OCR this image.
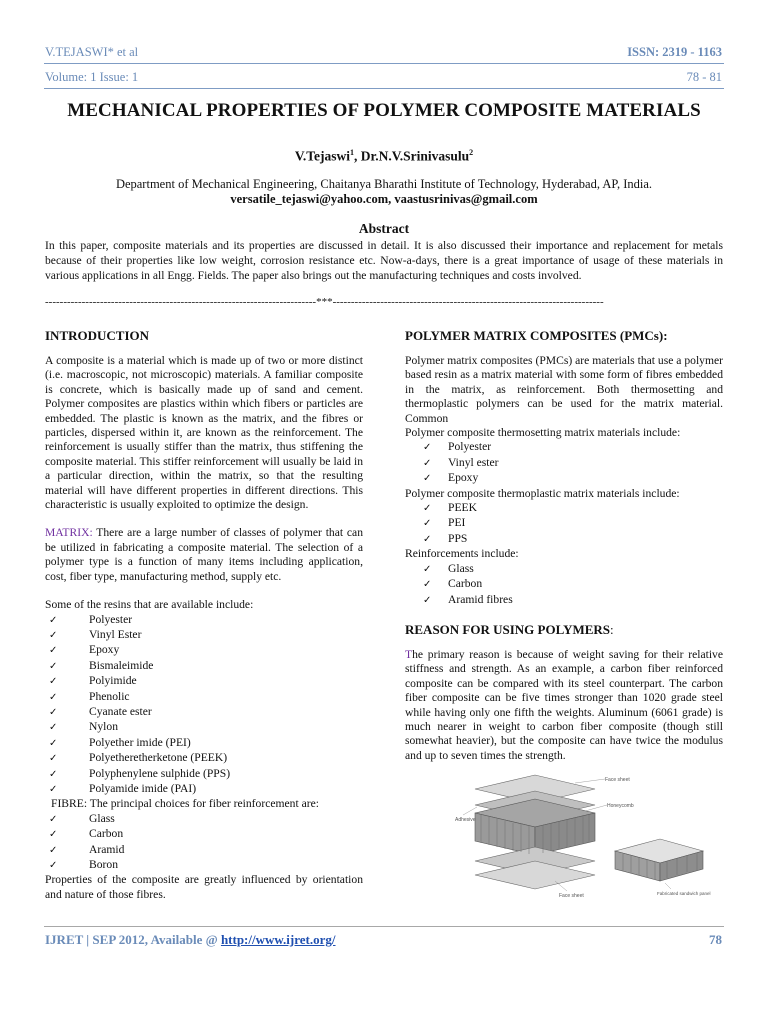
V.TEJASWI* et al	ISSN: 2319 - 1163
Volume: 1 Issue: 1	78 - 81
MECHANICAL PROPERTIES OF POLYMER COMPOSITE MATERIALS
V.Tejaswi$^1$, Dr.N.V.Srinivasulu$^2$
Department of Mechanical Engineering, Chaitanya Bharathi Institute of Technology, Hyderabad, AP, India.
versatile_tejaswi@yahoo.com, vaastusrinivas@gmail.com
Abstract
In this paper, composite materials and its properties are discussed in detail. It is also discussed their importance and replacement for metals because of their properties like low weight, corrosion resistance etc. Now-a-days, there is a great importance of usage of these materials in various applications in all Engg. Fields. The paper also brings out the manufacturing techniques and costs involved.
--------------------------------------------------------------------------***--------------------------------------------------------------------------
INTRODUCTION

A composite is a material which is made up of two or more distinct (i.e. macroscopic, not microscopic) materials. A familiar composite is concrete, which is basically made up of sand and cement. Polymer composites are plastics within which fibers or particles are embedded. The plastic is known as the matrix, and the fibres or particles, dispersed within it, are known as the reinforcement. The reinforcement is usually stiffer than the matrix, thus stiffening the composite material. This stiffer reinforcement will usually be laid in a particular direction, within the matrix, so that the resulting material will have different properties in different directions. This characteristic is usually exploited to optimize the design.

MATRIX: There are a large number of classes of polymer that can be utilized in fabricating a composite material. The selection of a polymer type is a function of many items including application, cost, fiber type, manufacturing method, supply etc.

Some of the resins that are available include:
✓	Polyester
✓	Vinyl Ester
✓	Epoxy
✓	Bismaleimide
✓	Polyimide
✓	Phenolic
✓	Cyanate ester
✓	Nylon
✓	Polyether imide (PEI)
✓	Polyetheretherketone (PEEK)
✓	Polyphenylene sulphide (PPS)
✓	Polyamide imide (PAI)
FIBRE: The principal choices for fiber reinforcement are:
✓	Glass
✓	Carbon
✓	Aramid
✓	Boron

Properties of the composite are greatly influenced by orientation and nature of those fibres.

POLYMER MATRIX COMPOSITES (PMCs):

Polymer matrix composites (PMCs) are materials that use a polymer based resin as a matrix material with some form of fibres embedded in the matrix, as reinforcement. Both thermosetting and thermoplastic polymers can be used for the matrix material. Common

Polymer composite thermosetting matrix materials include:
✓ Polyester
✓ Vinyl ester
✓ Epoxy
Polymer composite thermoplastic matrix materials include:
✓ PEEK
✓ PEI
✓ PPS
Reinforcements include:
✓ Glass
✓ Carbon
✓ Aramid fibres
REASON FOR USING POLYMERS:

The primary reason is because of weight saving for their relative stiffness and strength. As an example, a carbon fiber reinforced composite can be compared with its steel counterpart. The carbon fiber composite can be five times stronger than 1020 grade steel while having only one fifth the weights. Aluminum (6061 grade) is much nearer in weight to carbon fiber composite (though still somewhat heavier), but the composite can have twice the modulus and up to seven times the strength.

Face sheet
Adhesive
Honeycomb
Face sheet	Fabricated sandwich panel
IJRET | SEP 2012, Available @ http://www.ijret.org/	78
